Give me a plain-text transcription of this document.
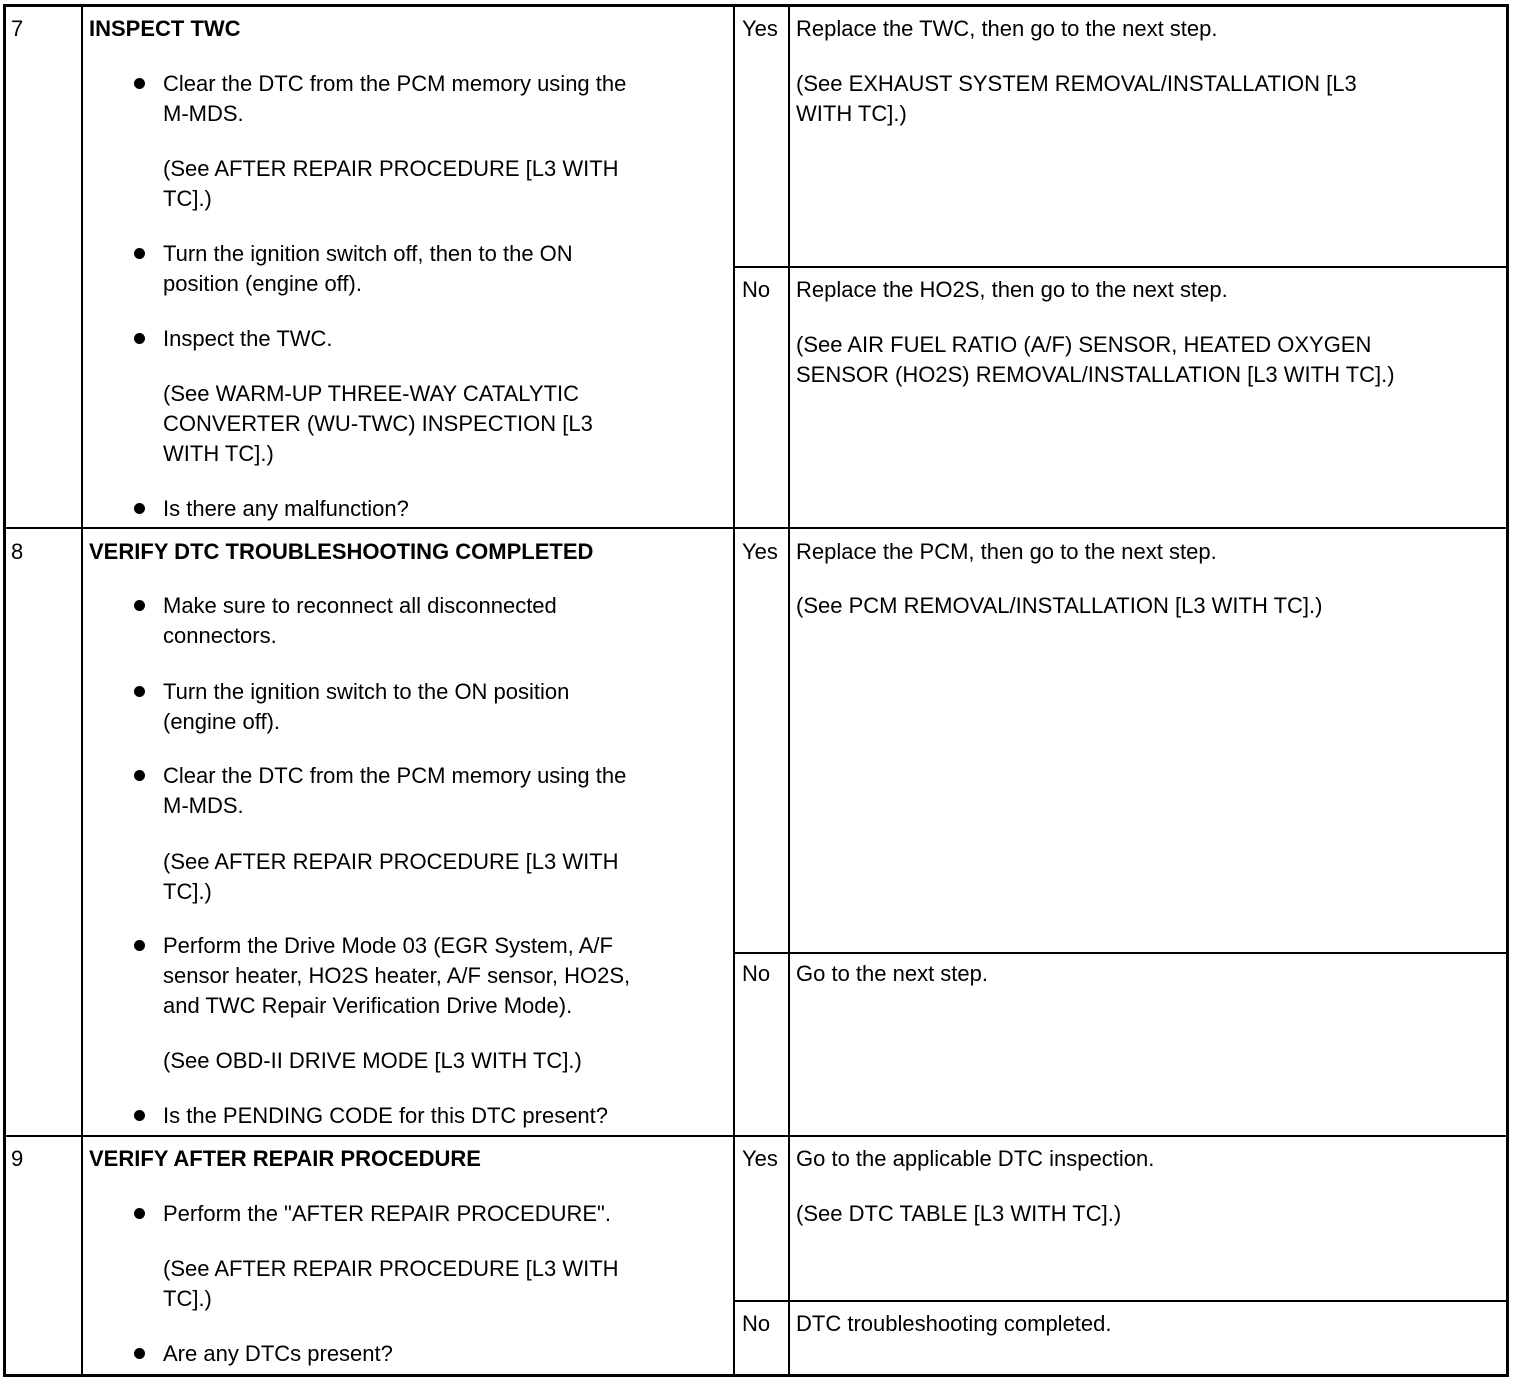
7	INSPECT TWC
Clear the DTC from the PCM memory using the
M-MDS.
(See AFTER REPAIR PROCEDURE [L3 WITH
TC].)
Turn the ignition switch off, then to the ON
position (engine off).
Inspect the TWC.
(See WARM-UP THREE-WAY CATALYTIC
CONVERTER (WU-TWC) INSPECTION [L3
WITH TC].)
Is there any malfunction?
Yes Replace the TWC, then go to the next step.
(See EXHAUST SYSTEM REMOVAL/INSTALLATION [L3
WITH TC].)
No Replace the HO2S, then go to the next step.
(See AIR FUEL RATIO (A/F) SENSOR, HEATED OXYGEN
SENSOR (HO2S) REMOVAL/INSTALLATION [L3 WITH TC].)
8	VERIFY DTC TROUBLESHOOTING COMPLETED
Make sure to reconnect all disconnected
connectors.
Turn the ignition switch to the ON position
(engine off).
Clear the DTC from the PCM memory using the
M-MDS.
(See AFTER REPAIR PROCEDURE [L3 WITH
TC].)
Perform the Drive Mode 03 (EGR System, A/F
sensor heater, HO2S heater, A/F sensor, HO2S,
and TWC Repair Verification Drive Mode).
(See OBD-II DRIVE MODE [L3 WITH TC].)
Is the PENDING CODE for this DTC present?
Yes Replace the PCM, then go to the next step.
(See PCM REMOVAL/INSTALLATION [L3 WITH TC].)
No Go to the next step.
9	VERIFY AFTER REPAIR PROCEDURE
Perform the "AFTER REPAIR PROCEDURE".
(See AFTER REPAIR PROCEDURE [L3 WITH
TC].)
Are any DTCs present?
Yes Go to the applicable DTC inspection.
(See DTC TABLE [L3 WITH TC].)
No DTC troubleshooting completed.
